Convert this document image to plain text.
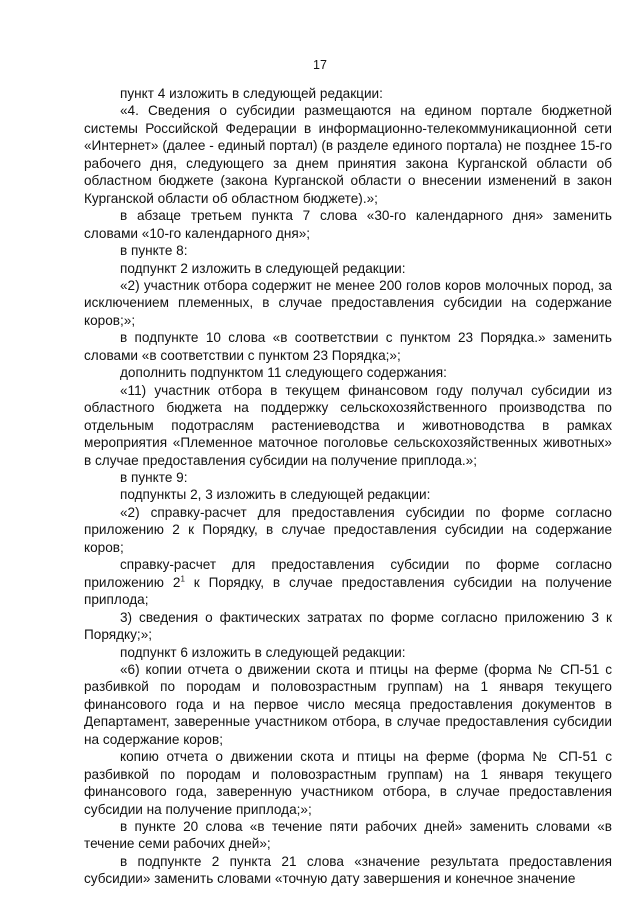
17

пункт 4 изложить в следующей редакции:

«4. Сведения о субсидии размещаются на едином портале бюджетной системы Российской Федерации в информационно-телекоммуникационной сети «Интернет» (далее - единый портал) (в разделе единого портала) не позднее 15-го рабочего дня, следующего за днем принятия закона Курганской области об областном бюджете (закона Курганской области о внесении изменений в закон Курганской области об областном бюджете).»;

в абзаце третьем пункта 7 слова «30-го календарного дня» заменить словами «10-го календарного дня»;

в пункте 8:

подпункт 2 изложить в следующей редакции:

«2) участник отбора содержит не менее 200 голов коров молочных пород, за исключением племенных, в случае предоставления субсидии на содержание коров;»;

в подпункте 10 слова «в соответствии с пунктом 23 Порядка.» заменить словами «в соответствии с пунктом 23 Порядка;»;

дополнить подпунктом 11 следующего содержания:

«11) участник отбора в текущем финансовом году получал субсидии из областного бюджета на поддержку сельскохозяйственного производства по отдельным подотраслям растениеводства и животноводства в рамках мероприятия «Племенное маточное поголовье сельскохозяйственных животных» в случае предоставления субсидии на получение приплода.»;

в пункте 9:

подпункты 2, 3 изложить в следующей редакции:

«2) справку-расчет для предоставления субсидии по форме согласно приложению 2 к Порядку, в случае предоставления субсидии на содержание коров;

справку-расчет для предоставления субсидии по форме согласно приложению $2^1$ к Порядку, в случае предоставления субсидии на получение приплода;

3) сведения о фактических затратах по форме согласно приложению 3 к Порядку;»;

подпункт 6 изложить в следующей редакции:

«6) копии отчета о движении скота и птицы на ферме (форма № СП-51 с разбивкой по породам и половозрастным группам) на 1 января текущего финансового года и на первое число месяца предоставления документов в Департамент, заверенные участником отбора, в случае предоставления субсидии на содержание коров;

копию отчета о движении скота и птицы на ферме (форма № СП-51 с разбивкой по породам и половозрастным группам) на 1 января текущего финансового года, заверенную участником отбора, в случае предоставления субсидии на получение приплода;»;

в пункте 20 слова «в течение пяти рабочих дней» заменить словами «в течение семи рабочих дней»;

в подпункте 2 пункта 21 слова «значение результата предоставления субсидии» заменить словами «точную дату завершения и конечное значение
